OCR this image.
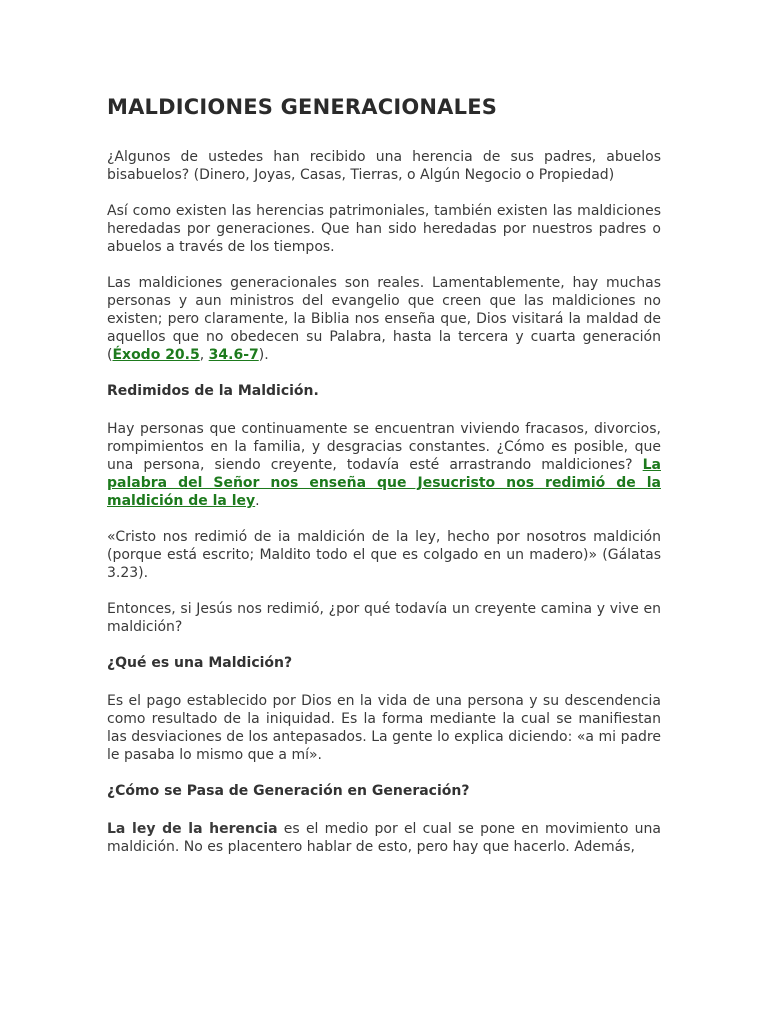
MALDICIONES GENERACIONALES

¿Algunos de ustedes han recibido una herencia de sus padres, abuelos bisabuelos? (Dinero, Joyas, Casas, Tierras, o Algún Negocio o Propiedad)

Así como existen las herencias patrimoniales, también existen las maldiciones heredadas por generaciones. Que han sido heredadas por nuestros padres o abuelos a través de los tiempos.

Las maldiciones generacionales son reales. Lamentablemente, hay muchas personas y aun ministros del evangelio que creen que las maldiciones no existen; pero claramente, la Biblia nos enseña que, Dios visitará la maldad de aquellos que no obedecen su Palabra, hasta la tercera y cuarta generación (Éxodo 20.5, 34.6-7).

Redimidos de la Maldición.

Hay personas que continuamente se encuentran viviendo fracasos, divorcios, rompimientos en la familia, y desgracias constantes. ¿Cómo es posible, que una persona, siendo creyente, todavía esté arrastrando maldiciones? La palabra del Señor nos enseña que Jesucristo nos redimió de la maldición de la ley.

«Cristo nos redimió de ia maldición de la ley, hecho por nosotros maldición (porque está escrito; Maldito todo el que es colgado en un madero)» (Gálatas 3.23).

Entonces, si Jesús nos redimió, ¿por qué todavía un creyente camina y vive en maldición?

¿Qué es una Maldición?

Es el pago establecido por Dios en la vida de una persona y su descendencia como resultado de la iniquidad. Es la forma mediante la cual se manifiestan las desviaciones de los antepasados. La gente lo explica diciendo: «a mi padre le pasaba lo mismo que a mí».

¿Cómo se Pasa de Generación en Generación?

La ley de la herencia es el medio por el cual se pone en movimiento una maldición. No es placentero hablar de esto, pero hay que hacerlo. Además,
